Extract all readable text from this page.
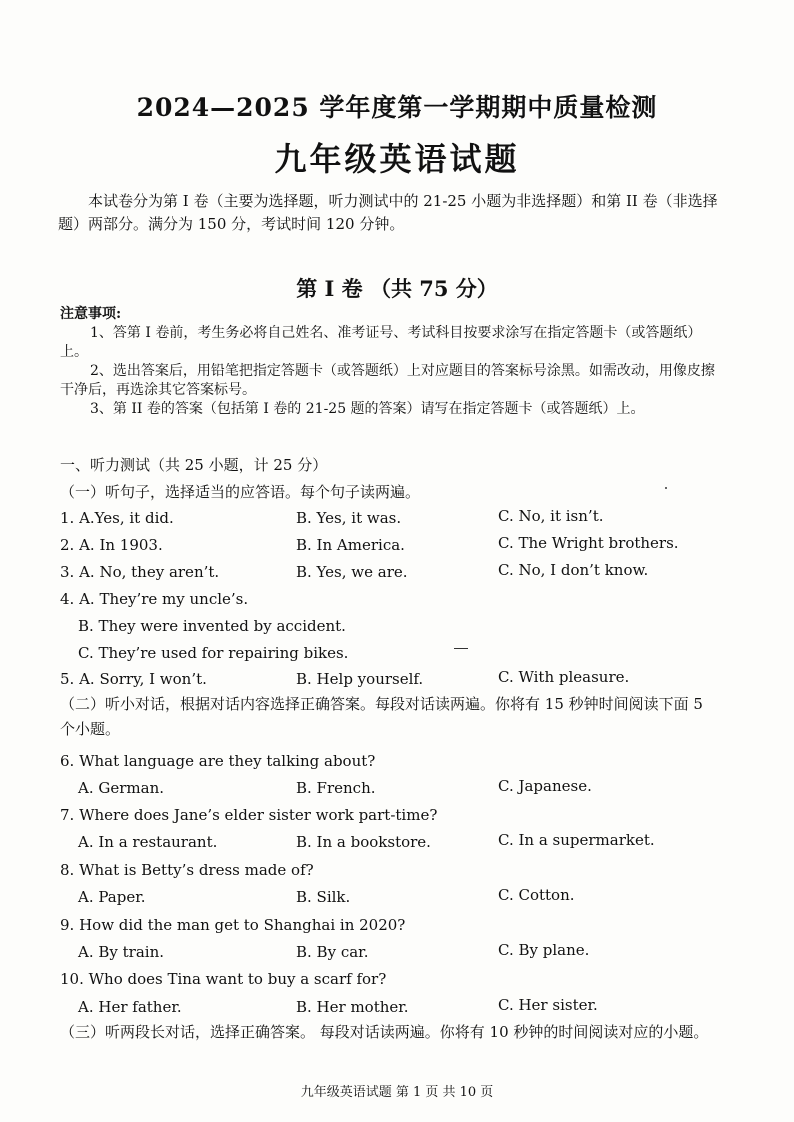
2024—2025 学年度第一学期期中质量检测
九年级英语试题
本试卷分为第 I 卷（主要为选择题，听力测试中的 21-25 小题为非选择题）和第 II 卷（非选择题）两部分。满分为 150 分，考试时间 120 分钟。
第 I 卷 （共 75 分）
注意事项:
1、答第 I 卷前，考生务必将自己姓名、准考证号、考试科目按要求涂写在指定答题卡（或答题纸）上。
2、选出答案后，用铅笔把指定答题卡（或答题纸）上对应题目的答案标号涂黑。如需改动，用像皮擦干净后，再选涂其它答案标号。
3、第 II 卷的答案（包括第 I 卷的 21-25 题的答案）请写在指定答题卡（或答题纸）上。
一、听力测试（共 25 小题，计 25 分）
（一）听句子，选择适当的应答语。每个句子读两遍。
1. A.Yes, it did.	B. Yes, it was.	C. No, it isn’t.
2. A. In 1903.	B. In America.	C. The Wright brothers.
3. A. No, they aren’t.	B. Yes, we are.	C. No, I don’t know.
4. A. They’re my uncle’s.
B. They were invented by accident.
C. They’re used for repairing bikes.
5. A. Sorry, I won’t.	B. Help yourself.	C. With pleasure.
（二）听小对话，根据对话内容选择正确答案。每段对话读两遍。你将有 15 秒钟时间阅读下面 5 个小题。
6. What language are they talking about?
A. German.	B. French.	C. Japanese.
7. Where does Jane’s elder sister work part-time?
A. In a restaurant.	B. In a bookstore.	C. In a supermarket.
8. What is Betty’s dress made of?
A. Paper.	B. Silk.	C. Cotton.
9. How did the man get to Shanghai in 2020?
A. By train.	B. By car.	C. By plane.
10. Who does Tina want to buy a scarf for?
A. Her father.	B. Her mother.	C. Her sister.
（三）听两段长对话，选择正确答案。 每段对话读两遍。你将有 10 秒钟的时间阅读对应的小题。
九年级英语试题 第 1 页 共 10 页
